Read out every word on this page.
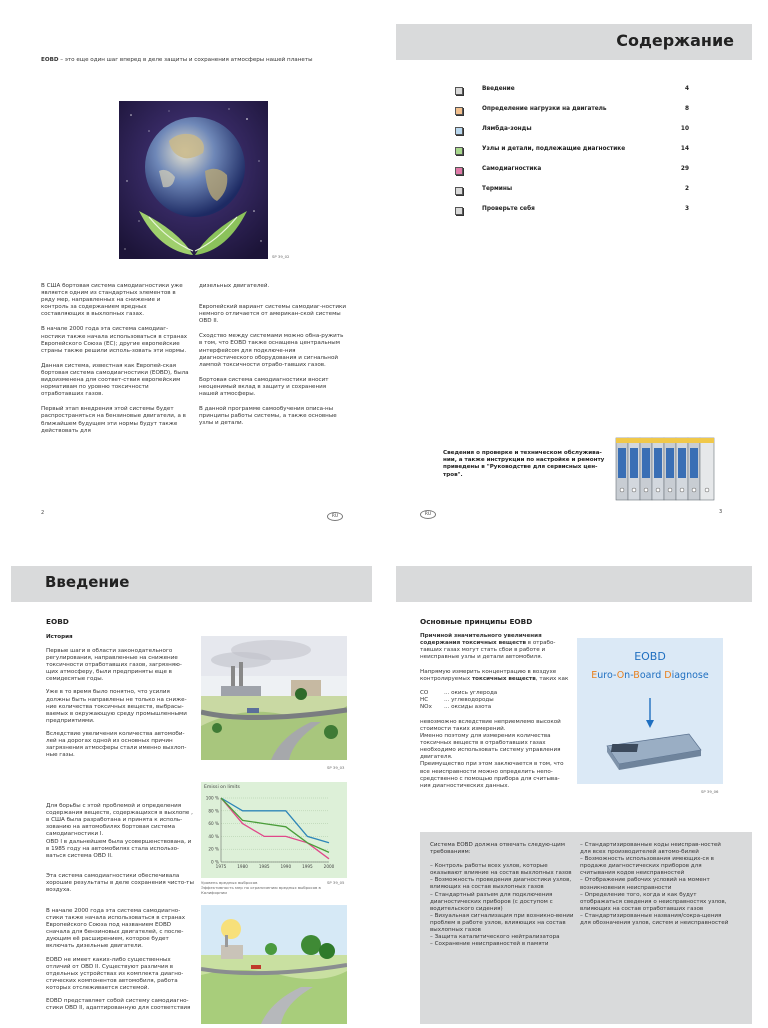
EOBD – это еще один шаг вперед в деле защиты и сохранения атмосферы нашей планеты
SP 39_02

В США бортовая система самодиагностики уже является одним из стандартных элементов в ряду мер, направленных на снижение и контроль за содержанием вредных составляющих в выхлопных газах.

В начале 2000 года эта система самодиаг-ностики также начала использоваться в странах Европейского Союза (ЕС); другие европейские страны также решили исполь-зовать эти нормы.

Данная система, известная как Европей-ская бортовая система самодиагностики (EOBD), была видоизменена для соответ-ствия европейским нормативам по уровню токсичности отработавших газов.

Первый этап внедрения этой системы будет распространяться на бензиновые двигатели, а в ближайшем будущем эти нормы будут также действовать для

дизельных двигателей.

Европейский вариант системы самодиаг-ностики немного отличается от американ-ской системы OBD II.

Сходство между системами можно обна-ружить в том, что EOBD также оснащена центральным интерфейсом для подключе-ния диагностического оборудования и сигнальной лампой токсичности отрабо-тавших газов.

Бортовая система самодиагностики вносит неоценимый вклад в защиту и сохранения нашей атмосферы.

В данной программе самообучения описа-ны принципы работы системы, а также основные узлы и детали.

2
RU
Содержание
Введение	4
Определение нагрузки на двигатель	8
Лямбда-зонды	10
Узлы и детали, подлежащие диагностике	14
Самодиагностика	29
Термины	2
Проверьте себя	3
Сведения о проверке и техническом обслужива-нии, а также инструкции по настройке и ремонту приведены в "Руководстве для сервисных цен-тров".
RU	3
Введение
EOBD
История

Первые шаги в области законодательного регулирования, направленные на снижение токсичности отработавших газов, загрязняю-щих атмосферу, были предприняты еще в семидесятые годы.

Уже в то время было понятно, что усилия должны быть направлены не только на сниже-ние количества токсичных веществ, выбрасы-ваемых в окружающую среду промышленными предприятиями.

Вследствие увеличения количества автомоби-лей на дорогах одной из основных причин загрязнения атмосферы стали именно выхлоп-ные газы.

Для борьбы с этой проблемой и определения содержания веществ, содержащихся в выхлопе , в США была разработана и принята к исполь-зованию на автомобилях бортовая система самодиагностики I.
OBD I в дальнейшем была усовершенствована, и в 1985 году на автомобилях стала использо-ваться система OBD II.

Эта система самодиагностики обеспечивала хорошие результаты в деле сохранения чисто-ты воздуха.

В начале 2000 года эта система самодиагно-стики также начала использоваться в странах Европейского Союза под названием EOBD сначала для бензиновых двигателей, с после-дующим её расширением, которое будет включать дизельные двигатели.

EOBD не имеет каких-либо существенных отличий от OBD II. Существуют различия в отдельных устройствах из комплекта диагно-стических компонентов автомобиля, работа которых отслеживается системой.

EOBD представляет собой систему самодиагно-стики OBD II, адаптированную для соответствия

SP 39_03
Emissi on limits
100 %
80 %
60 %
40 %
20 %
0 %
1975	1980	1985	1990	1995	2000
Уровень вредных выбросов
Эффективность мер по ограничению вредных выбросов в Калифорнии
SP 39_05
Основные принципы EOBD

Причиной значительного увеличения содержания токсичных веществ в отрабо-тавших газах могут стать сбои в работе и неисправные узлы и детали автомобиля.

Напрямую измерить концентрацию в воздухе контролируемых токсичных веществ, таких как

CO	... окись углерода
HC	... углеводороды
NOx ... оксиды азота

невозможно вследствие неприемлемо высокой стоимости таких измерений.
Именно поэтому для измерения количества токсичных веществ в отработавших газах необходимо использовать систему управления двигателя.
Преимущество при этом заключается в том, что все неисправности можно определить непо-средственно с помощью прибора для считыва-ния диагностических данных.

EOBD
Euro-On-Board Diagnose
SP 39_06

Система EOBD должна отвечать следую-щим требованиям:

– Контроль работы всех узлов, которые оказывают влияние на состав выхлопных газов
– Возможность проведения диагностики узлов, влияющих на состав выхлопных газов
– Стандартный разъем для подключения диагностических приборов (с доступом с водительского сидения)
– Визуальная сигнализация при возникно-вении проблем в работе узлов, влияющих на состав выхлопных газов
– Защита каталитического нейтрализатора
– Сохранение неисправностей в памяти
– Стандартизированные коды неисправ-ностей для всех производителей автомо-билей
– Возможность использования имеющих-ся в продаже диагностических приборов для считывания кодов неисправностей
– Отображение рабочих условий на момент возникновения неисправности
– Определение того, когда и как будут отображаться сведения о неисправностях узлов, влияющих на состав отработавших газов
– Стандартизированные названия/сокра-щения для обозначения узлов, систем и неисправностей
